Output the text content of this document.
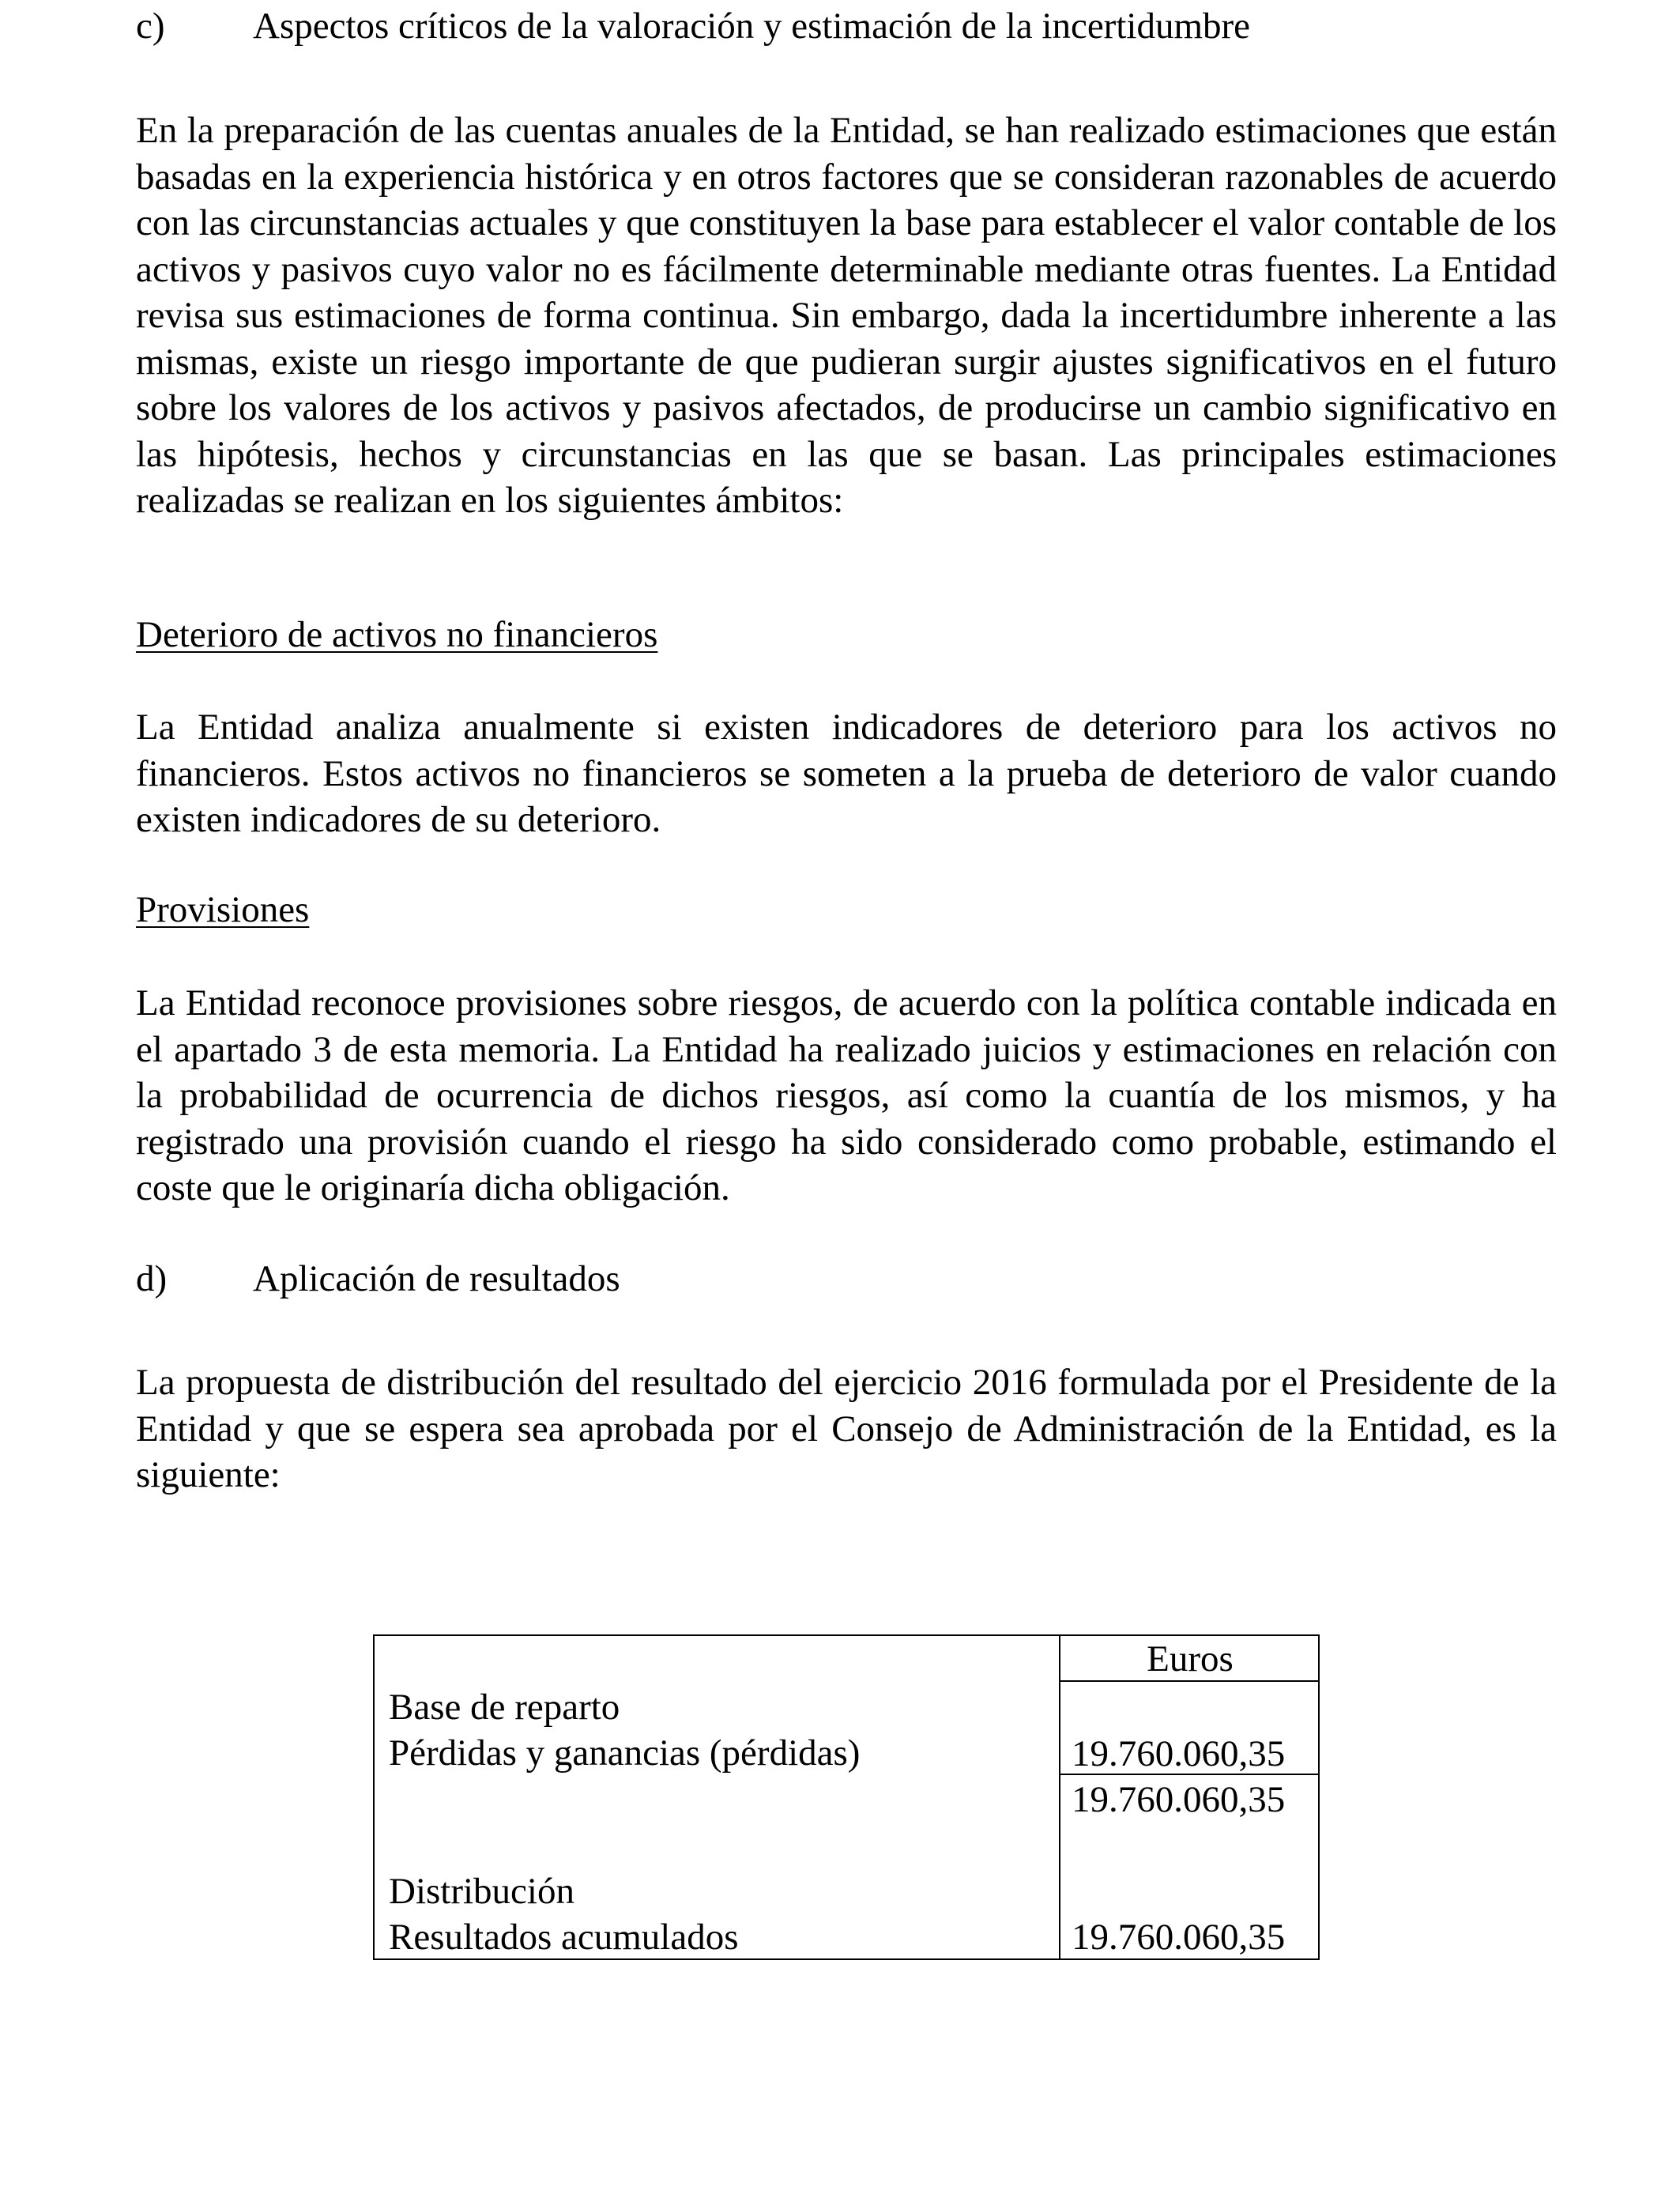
c) Aspectos críticos de la valoración y estimación de la incertidumbre

En la preparación de las cuentas anuales de la Entidad, se han realizado estimaciones que están basadas en la experiencia histórica y en otros factores que se consideran razonables de acuerdo con las circunstancias actuales y que constituyen la base para establecer el valor contable de los activos y pasivos cuyo valor no es fácilmente determinable mediante otras fuentes. La Entidad revisa sus estimaciones de forma continua. Sin embargo, dada la incertidumbre inherente a las mismas, existe un riesgo importante de que pudieran surgir ajustes significativos en el futuro sobre los valores de los activos y pasivos afectados, de producirse un cambio significativo en las hipótesis, hechos y circunstancias en las que se basan. Las principales estimaciones realizadas se realizan en los siguientes ámbitos:

Deterioro de activos no financieros

La Entidad analiza anualmente si existen indicadores de deterioro para los activos no financieros. Estos activos no financieros se someten a la prueba de deterioro de valor cuando existen indicadores de su deterioro.

Provisiones

La Entidad reconoce provisiones sobre riesgos, de acuerdo con la política contable indicada en el apartado 3 de esta memoria. La Entidad ha realizado juicios y estimaciones en relación con la probabilidad de ocurrencia de dichos riesgos, así como la cuantía de los mismos, y ha registrado una provisión cuando el riesgo ha sido considerado como probable, estimando el coste que le originaría dicha obligación.

d) Aplicación de resultados

La propuesta de distribución del resultado del ejercicio 2016 formulada por el Presidente de la Entidad y que se espera sea aprobada por el Consejo de Administración de la Entidad, es la siguiente:

Euros
Base de reparto
Pérdidas y ganancias (pérdidas)	19.760.060,35
19.760.060,35
Distribución
Resultados acumulados	19.760.060,35
